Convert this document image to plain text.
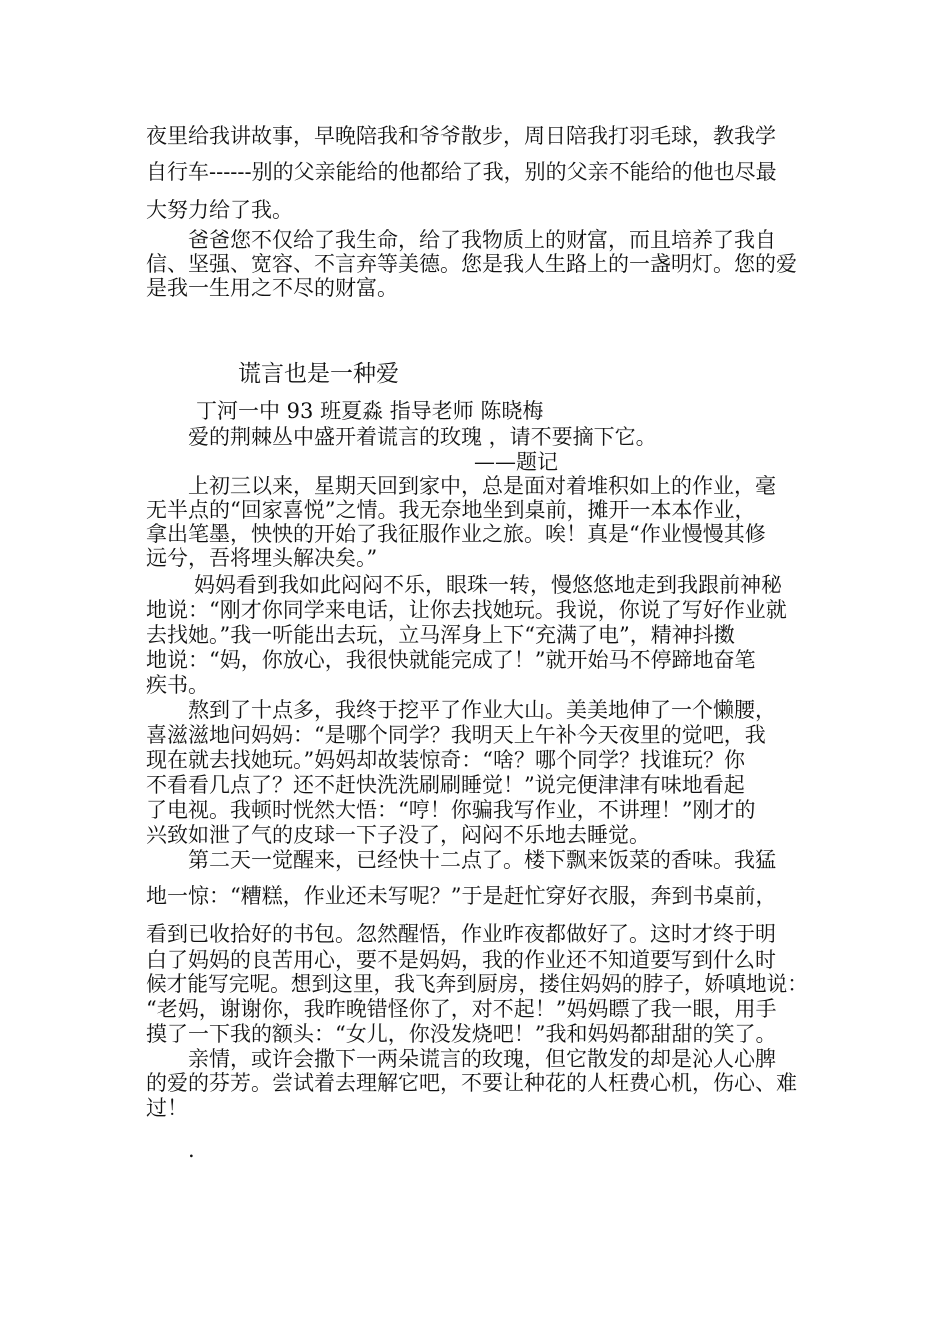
夜里给我讲故事，早晚陪我和爷爷散步，周日陪我打羽毛球，教我学
自行车------别的父亲能给的他都给了我，别的父亲不能给的他也尽最
大努力给了我。
爸爸您不仅给了我生命，给了我物质上的财富，而且培养了我自
信、坚强、宽容、不言弃等美德。您是我人生路上的一盏明灯。您的爱
是我一生用之不尽的财富。
谎言也是一种爱
丁河一中 93 班夏淼 指导老师 陈晓梅
爱的荆棘丛中盛开着谎言的玫瑰 ，请不要摘下它。
——题记
上初三以来，星期天回到家中，总是面对着堆积如上的作业，毫
无半点的“回家喜悦”之情。我无奈地坐到桌前，摊开一本本作业，
拿出笔墨，怏怏的开始了我征服作业之旅。唉！真是“作业慢慢其修
远兮，吾将埋头解决矣。”
妈妈看到我如此闷闷不乐，眼珠一转，慢悠悠地走到我跟前神秘
地说：“刚才你同学来电话，让你去找她玩。我说，你说了写好作业就
去找她。”我一听能出去玩，立马浑身上下“充满了电”，精神抖擞
地说：“妈，你放心，我很快就能完成了！”就开始马不停蹄地奋笔
疾书。
熬到了十点多，我终于挖平了作业大山。美美地伸了一个懒腰，
喜滋滋地问妈妈：“是哪个同学？我明天上午补今天夜里的觉吧，我
现在就去找她玩。”妈妈却故装惊奇：“啥？哪个同学？找谁玩？你
不看看几点了？还不赶快洗洗刷刷睡觉！”说完便津津有味地看起
了电视。我顿时恍然大悟：“哼！你骗我写作业，不讲理！”刚才的
兴致如泄了气的皮球一下子没了，闷闷不乐地去睡觉。
第二天一觉醒来，已经快十二点了。楼下飘来饭菜的香味。我猛
地一惊：“糟糕，作业还未写呢？”于是赶忙穿好衣服，奔到书桌前，
看到已收拾好的书包。忽然醒悟，作业昨夜都做好了。这时才终于明
白了妈妈的良苦用心，要不是妈妈，我的作业还不知道要写到什么时
候才能写完呢。想到这里，我飞奔到厨房，搂住妈妈的脖子，娇嗔地说：
“老妈，谢谢你，我昨晚错怪你了，对不起！”妈妈瞟了我一眼，用手
摸了一下我的额头：“女儿，你没发烧吧！”我和妈妈都甜甜的笑了。
亲情，或许会撒下一两朵谎言的玫瑰，但它散发的却是沁人心脾
的爱的芬芳。尝试着去理解它吧，不要让种花的人枉费心机，伤心、难
过！
.
